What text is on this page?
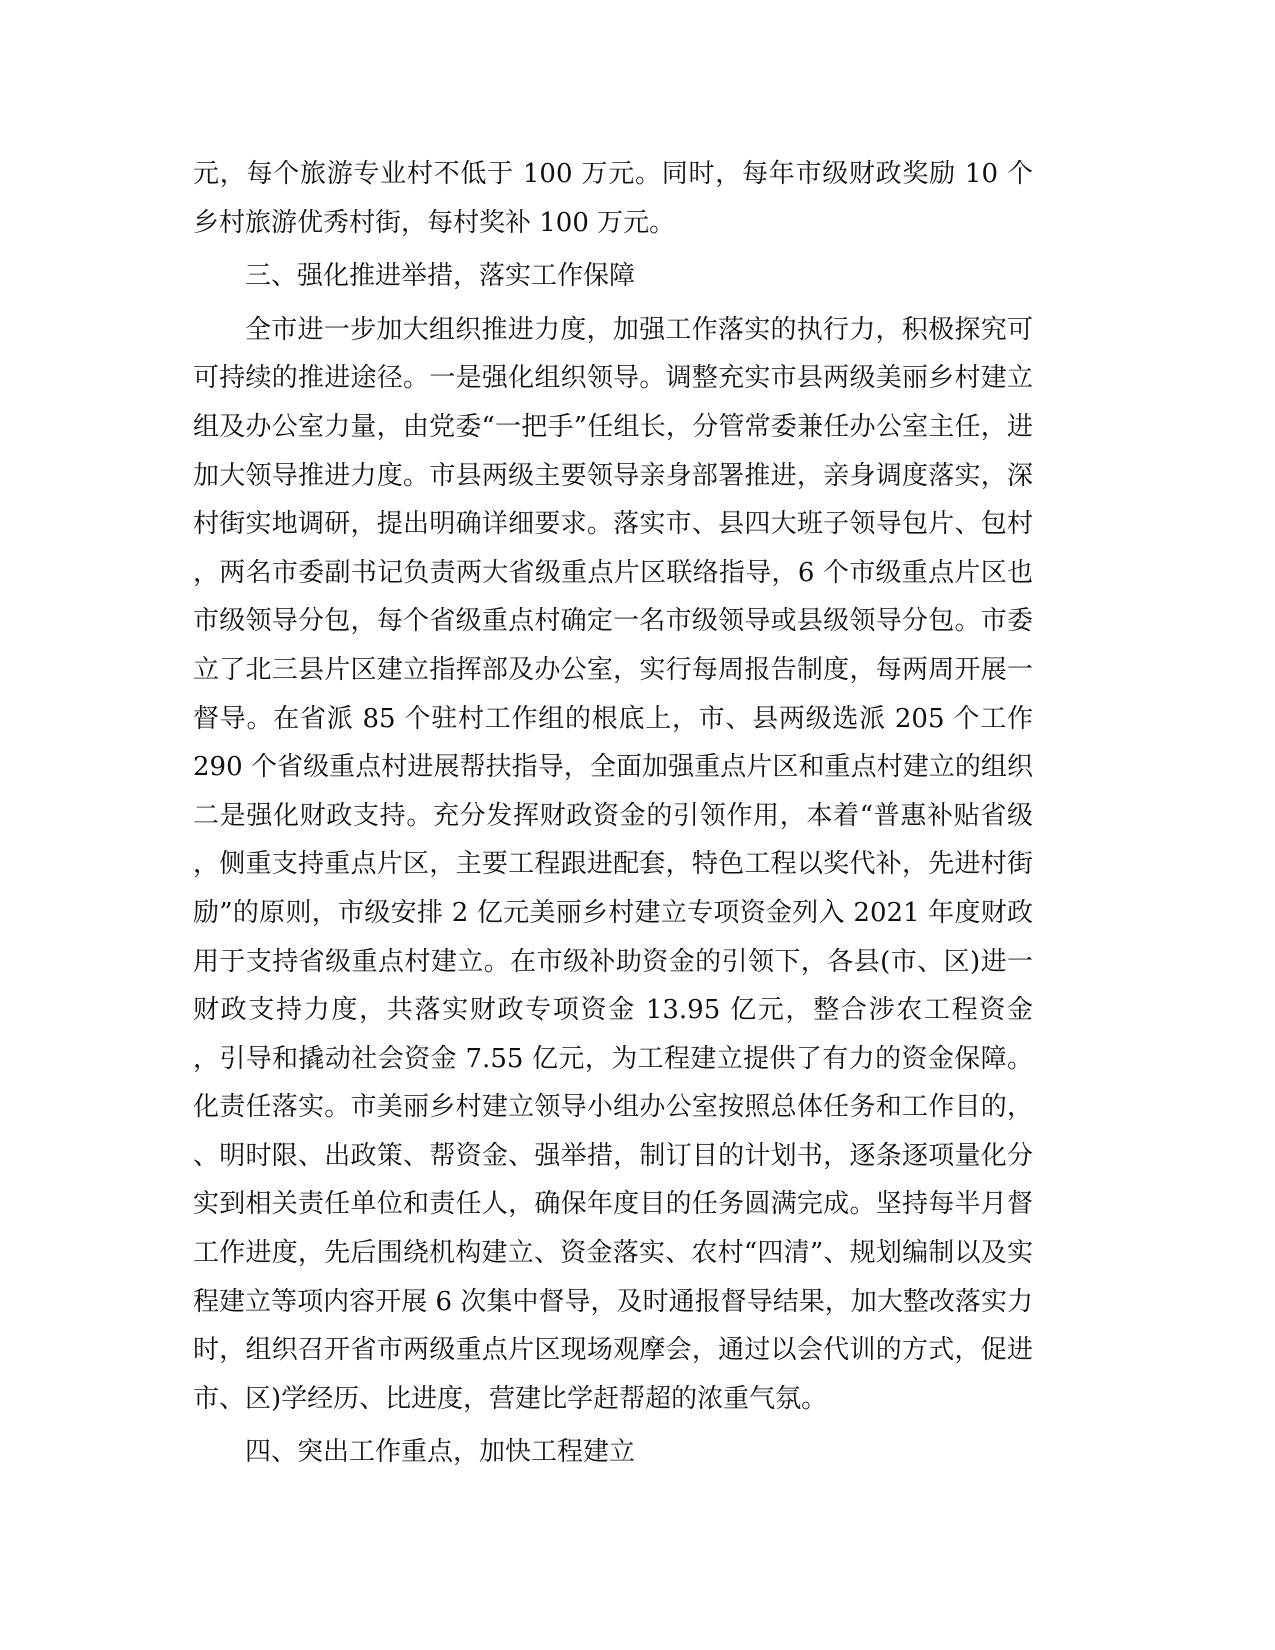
元，每个旅游专业村不低于 100 万元。同时，每年市级财政奖励 10 个
乡村旅游优秀村街，每村奖补 100 万元。
三、强化推进举措，落实工作保障
全市进一步加大组织推进力度，加强工作落实的执行力，积极探究可
可持续的推进途径。一是强化组织领导。调整充实市县两级美丽乡村建立
组及办公室力量，由党委“一把手”任组长，分管常委兼任办公室主任，进
加大领导推进力度。市县两级主要领导亲身部署推进，亲身调度落实，深
村街实地调研，提出明确详细要求。落实市、县四大班子领导包片、包村
，两名市委副书记负责两大省级重点片区联络指导，6 个市级重点片区也
市级领导分包，每个省级重点村确定一名市级领导或县级领导分包。市委
立了北三县片区建立指挥部及办公室，实行每周报告制度，每两周开展一
督导。在省派 85 个驻村工作组的根底上，市、县两级选派 205 个工作
290 个省级重点村进展帮扶指导，全面加强重点片区和重点村建立的组织
二是强化财政支持。充分发挥财政资金的引领作用，本着“普惠补贴省级
，侧重支持重点片区，主要工程跟进配套，特色工程以奖代补，先进村街
励”的原则，市级安排 2 亿元美丽乡村建立专项资金列入 2021 年度财政
用于支持省级重点村建立。在市级补助资金的引领下，各县(市、区)进一
财政支持力度，共落实财政专项资金 13.95 亿元，整合涉农工程资金
，引导和撬动社会资金 7.55 亿元，为工程建立提供了有力的资金保障。
化责任落实。市美丽乡村建立领导小组办公室按照总体任务和工作目的，
、明时限、出政策、帮资金、强举措，制订目的计划书，逐条逐项量化分
实到相关责任单位和责任人，确保年度目的任务圆满完成。坚持每半月督
工作进度，先后围绕机构建立、资金落实、农村“四清”、规划编制以及实
程建立等项内容开展 6 次集中督导，及时通报督导结果，加大整改落实力
时，组织召开省市两级重点片区现场观摩会，通过以会代训的方式，促进
市、区)学经历、比进度，营建比学赶帮超的浓重气氛。
四、突出工作重点，加快工程建立
